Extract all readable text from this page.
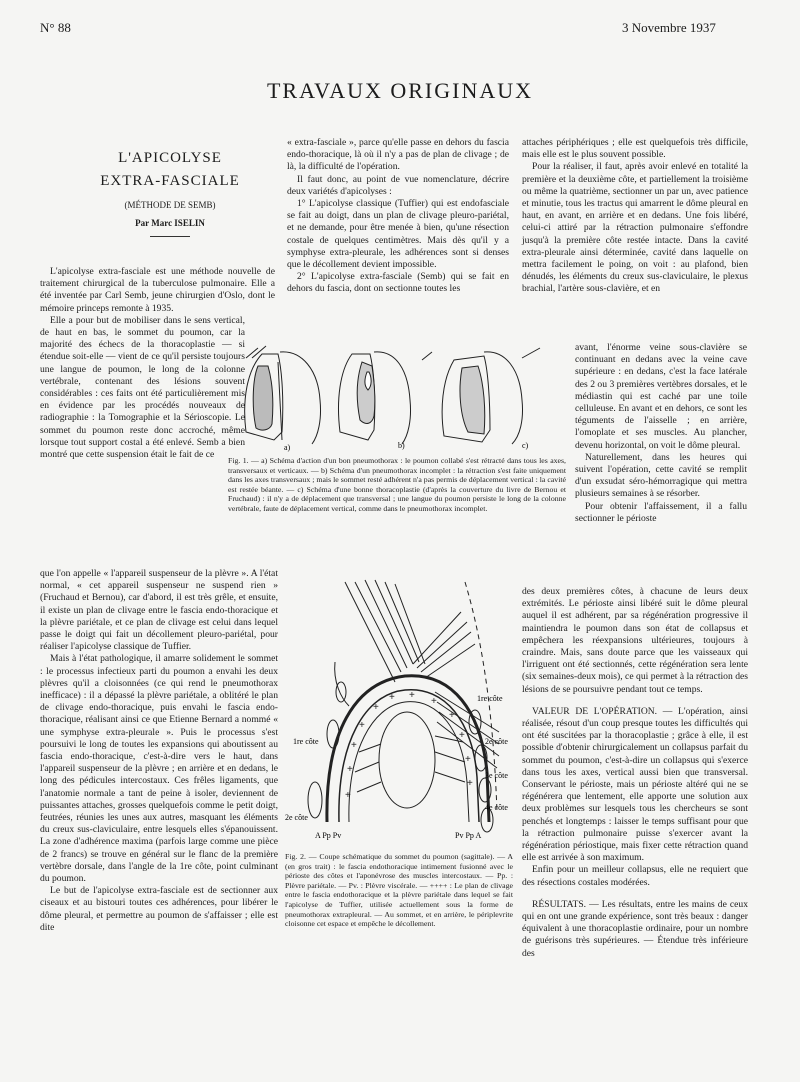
N° 88	3 Novembre 1937
TRAVAUX ORIGINAUX
L'APICOLYSE
EXTRA-FASCIALE
(MÉTHODE DE SEMB)
Par Marc ISELIN

L'apicolyse extra-fasciale est une méthode nouvelle de traitement chirurgical de la tuberculose pulmonaire. Elle a été inventée par Carl Semb, jeune chirurgien d'Oslo, dont le mémoire princeps remonte à 1935.

Elle a pour but de mobiliser dans le sens vertical, de haut en bas, le sommet du poumon, car la majorité des échecs de la thoracoplastie — si étendue soit-elle — vient de ce qu'il persiste toujours une langue de poumon, le long de la colonne vertébrale, contenant des lésions souvent considérables : ces faits ont été particulièrement mis en évidence par les procédés nouveaux de radiographie : la Tomographie et la Sérioscopie. Le sommet du poumon reste donc accroché, même lorsque tout support costal a été enlevé. Semb a bien montré que cette suspension était le fait de ce

que l'on appelle « l'appareil suspenseur de la plèvre ». A l'état normal, « cet appareil suspenseur ne suspend rien » (Fruchaud et Bernou), car d'abord, il est très grêle, et ensuite, il existe un plan de clivage entre le fascia endo-thoracique et la plèvre pariétale, et ce plan de clivage est celui dans lequel passe le doigt qui fait un décollement pleuro-pariétal, pour réaliser l'apicolyse classique de Tuffier.

Mais à l'état pathologique, il amarre solidement le sommet : le processus infectieux parti du poumon a envahi les deux plèvres qu'il a cloisonnées (ce qui rend le pneumothorax inefficace) : il a dépassé la plèvre pariétale, a oblitéré le plan de clivage endo-thoracique, puis envahi le fascia endo-thoracique, réalisant ainsi ce que Etienne Bernard a nommé « une symphyse extra-pleurale ». Puis le processus s'est poursuivi le long de toutes les expansions qui aboutissent au fascia endo-thoracique, c'est-à-dire vers le haut, dans l'appareil suspenseur de la plèvre ; en arrière et en dedans, le long des pédicules intercostaux. Ces frêles ligaments, que l'anatomie normale a tant de peine à isoler, deviennent de puissantes attaches, grosses quelquefois comme le petit doigt, feutrées, réunies les unes aux autres, masquant les éléments du creux sus-claviculaire, entre lesquels elles s'épanouissent. La zone d'adhérence maxima (parfois large comme une pièce de 2 francs) se trouve en général sur le flanc de la première vertèbre dorsale, dans l'angle de la 1re côte, point culminant du poumon.

Le but de l'apicolyse extra-fasciale est de sectionner aux ciseaux et au bistouri toutes ces adhérences, pour libérer le dôme pleural, et permettre au poumon de s'affaisser ; elle est dite

« extra-fasciale », parce qu'elle passe en dehors du fascia endo-thoracique, là où il n'y a pas de plan de clivage ; de là, la difficulté de l'opération.

Il faut donc, au point de vue nomenclature, décrire deux variétés d'apicolyses :

1° L'apicolyse classique (Tuffier) qui est endofasciale se fait au doigt, dans un plan de clivage pleuro-pariétal, et ne demande, pour être menée à bien, qu'une résection costale de quelques centimètres. Mais dès qu'il y a symphyse extra-pleurale, les adhérences sont si denses que le décollement devient impossible.

2° L'apicolyse extra-fasciale (Semb) qui se fait en dehors du fascia, dont on sectionne toutes les

attaches périphériques ; elle est quelquefois très difficile, mais elle est le plus souvent possible.

Pour la réaliser, il faut, après avoir enlevé en totalité la première et la deuxième côte, et partiellement la troisième ou même la quatrième, sectionner un par un, avec patience et minutie, tous les tractus qui amarrent le dôme pleural en haut, en avant, en arrière et en dedans. Une fois libéré, celui-ci attiré par la rétraction pulmonaire s'effondre jusqu'à la première côte restée intacte. Dans la cavité extra-pleurale ainsi déterminée, cavité dans laquelle on mettra facilement le poing, on voit : au plafond, bien dénudés, les éléments du creux sus-claviculaire, le plexus brachial, l'artère sous-clavière, et en

avant, l'énorme veine sous-clavière se continuant en dedans avec la veine cave supérieure : en dedans, c'est la face latérale des 2 ou 3 premières vertèbres dorsales, et le médiastin qui est caché par une toile celluleuse. En avant et en dehors, ce sont les téguments de l'aisselle ; en arrière, l'omoplate et ses muscles. Au plancher, devenu horizontal, on voit le dôme pleural.

Naturellement, dans les heures qui suivent l'opération, cette cavité se remplit d'un exsudat séro-hémorragique qui mettra plusieurs semaines à se résorber.

Pour obtenir l'affaissement, il a fallu sectionner le périoste

des deux premières côtes, à chacune de leurs deux extrémités. Le périoste ainsi libéré suit le dôme pleural auquel il est adhérent, par sa régénération progressive il maintiendra le poumon dans son état de collapsus et empêchera les réexpansions ultérieures, toujours à craindre. Mais, sans doute parce que les vaisseaux qui l'irriguent ont été sectionnés, cette régénération sera lente (six semaines-deux mois), ce qui permet à la rétraction des lésions de se poursuivre pendant tout ce temps.

VALEUR DE L'OPÉRATION. — L'opération, ainsi réalisée, résout d'un coup presque toutes les difficultés qui ont été suscitées par la thoracoplastie ; grâce à elle, il est possible d'obtenir chirurgicalement un collapsus parfait du sommet du poumon, c'est-à-dire un collapsus qui s'exerce dans tous les axes, vertical aussi bien que transversal. Conservant le périoste, mais un périoste altéré qui ne se régénérera que lentement, elle apporte une solution aux deux problèmes sur lesquels tous les chercheurs se sont penchés et longtemps : laisser le temps suffisant pour que la rétraction pulmonaire puisse s'exercer avant la régénération périostique, mais fixer cette rétraction quand elle est arrivée à son maximum.

Enfin pour un meilleur collapsus, elle ne requiert que des résections costales modérées.

RÉSULTATS. — Les résultats, entre les mains de ceux qui en ont une grande expérience, sont très beaux : danger équivalent à une thoracoplastie ordinaire, pour un nombre de guérisons très supérieures. — Étendue très inférieure des

a)	b)	c)
Fig. 1. — a) Schéma d'action d'un bon pneumothorax : le poumon collabé s'est rétracté dans tous les axes, transversaux et verticaux. — b) Schéma d'un pneumothorax incomplet : la rétraction s'est faite uniquement dans les axes transversaux ; mais le sommet resté adhérent n'a pas permis de déplacement vertical : la cavité est restée béante. — c) Schéma d'une bonne thoracoplastie (d'après la couverture du livre de Bernou et Fruchaud) : il n'y a de déplacement que transversal ; une langue du poumon persiste le long de la colonne vertébrale, faute de déplacement vertical, comme dans le pneumothorax incomplet.
+
+
+
+ +
+
+
+
+
+
+
+
1re côte
1re côte	2e côte
3e côte
2e côte
4e côte
A Pp Pv	Pv Pp A
Fig. 2. — Coupe schématique du sommet du poumon (sagittale). — A (en gros trait) : le fascia endothoracique intimement fusionné avec le périoste des côtes et l'aponévrose des muscles intercostaux. — Pp. : Plèvre pariétale. — Pv. : Plèvre viscérale. — ++++ : Le plan de clivage entre le fascia endothoracique et la plèvre pariétale dans lequel se fait l'apicolyse de Tuffier, utilisée actuellement sous la forme de pneumothorax extrapleural. — Au sommet, et en arrière, le périplevrite cloisonne cet espace et empêche le décollement.
